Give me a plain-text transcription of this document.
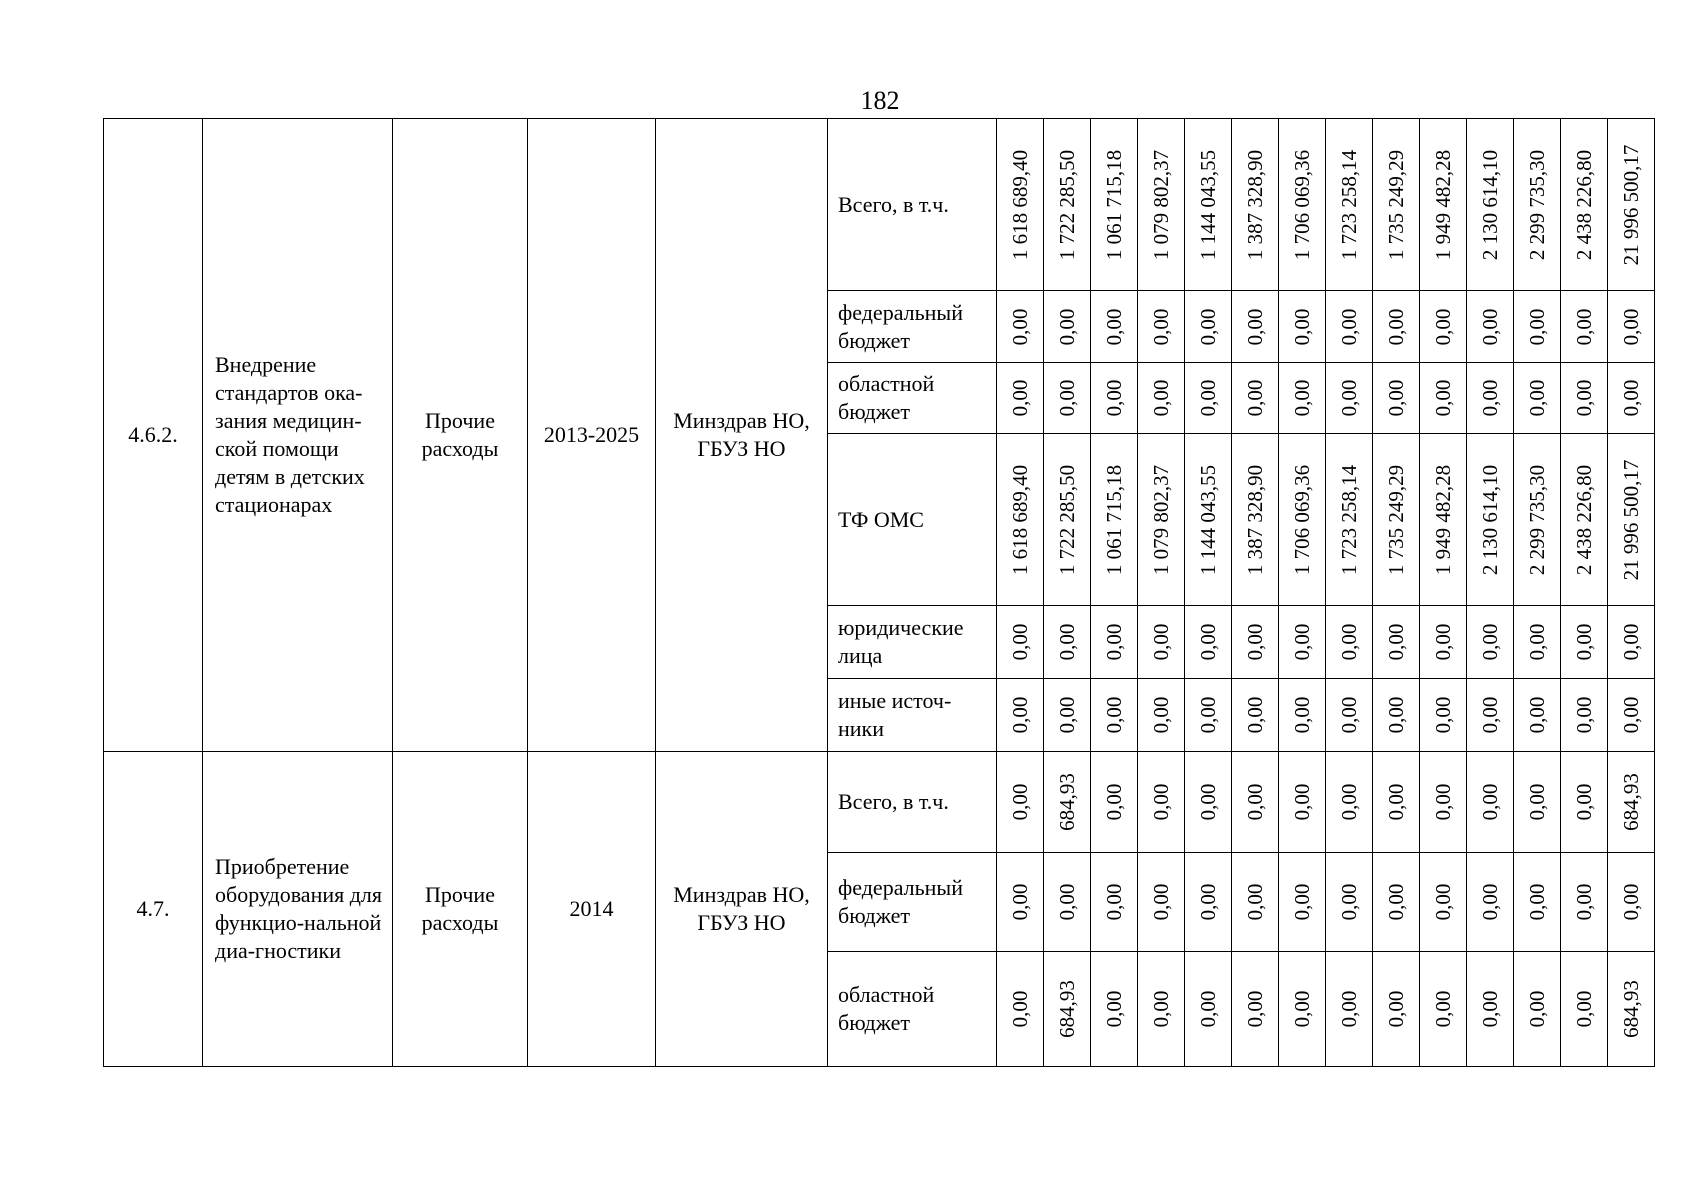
182
4.6.2.	Внедрение стандартов ока-зания медицин-ской помощи детям в детских стационарах	Прочие расходы	2013-2025	Минздрав НО, ГБУЗ НО	Всего, в т.ч.	1 618 689,40	1 722 285,50	1 061 715,18	1 079 802,37	1 144 043,55	1 387 328,90	1 706 069,36	1 723 258,14	1 735 249,29	1 949 482,28	2 130 614,10	2 299 735,30	2 438 226,80	21 996 500,17

					федеральный бюджет	0,00	0,00	0,00	0,00	0,00	0,00	0,00	0,00	0,00	0,00	0,00	0,00	0,00	0,00

					областной бюджет	0,00	0,00	0,00	0,00	0,00	0,00	0,00	0,00	0,00	0,00	0,00	0,00	0,00	0,00

					ТФ ОМС	1 618 689,40	1 722 285,50	1 061 715,18	1 079 802,37	1 144 043,55	1 387 328,90	1 706 069,36	1 723 258,14	1 735 249,29	1 949 482,28	2 130 614,10	2 299 735,30	2 438 226,80	21 996 500,17

					юридические лица	0,00	0,00	0,00	0,00	0,00	0,00	0,00	0,00	0,00	0,00	0,00	0,00	0,00	0,00

					иные источ-ники	0,00	0,00	0,00	0,00	0,00	0,00	0,00	0,00	0,00	0,00	0,00	0,00	0,00	0,00

4.7.	Приобретение оборудования для функцио-нальной диа-гностики	Прочие расходы	2014	Минздрав НО, ГБУЗ НО	Всего, в т.ч.	0,00	684,93	0,00	0,00	0,00	0,00	0,00	0,00	0,00	0,00	0,00	0,00	0,00	684,93

					федеральный бюджет	0,00	0,00	0,00	0,00	0,00	0,00	0,00	0,00	0,00	0,00	0,00	0,00	0,00	0,00

					областной бюджет	0,00	684,93	0,00	0,00	0,00	0,00	0,00	0,00	0,00	0,00	0,00	0,00	0,00	684,93
